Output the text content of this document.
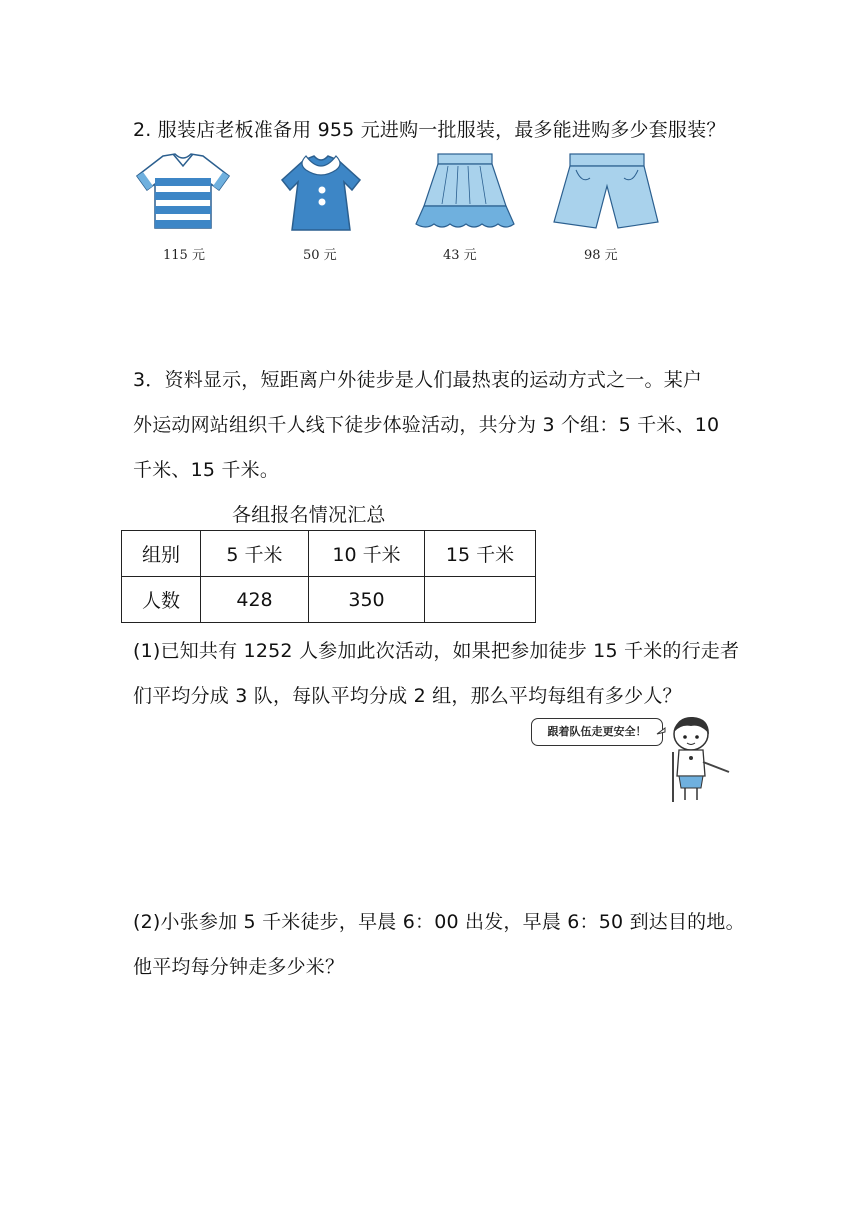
2. 服装店老板准备用 955 元进购一批服装，最多能进购多少套服装？
115 元	50 元	43 元	98 元
3．资料显示，短距离户外徒步是人们最热衷的运动方式之一。某户
外运动网站组织千人线下徒步体验活动，共分为 3 个组：5 千米、10
千米、15 千米。
各组报名情况汇总
组别	5 千米	10 千米	15 千米
人数	428	350	
(1)已知共有 1252 人参加此次活动，如果把参加徒步 15 千米的行走者
们平均分成 3 队，每队平均分成 2 组，那么平均每组有多少人？
跟着队伍走更安全！
(2)小张参加 5 千米徒步，早晨 6：00 出发，早晨 6：50 到达目的地。
他平均每分钟走多少米？
